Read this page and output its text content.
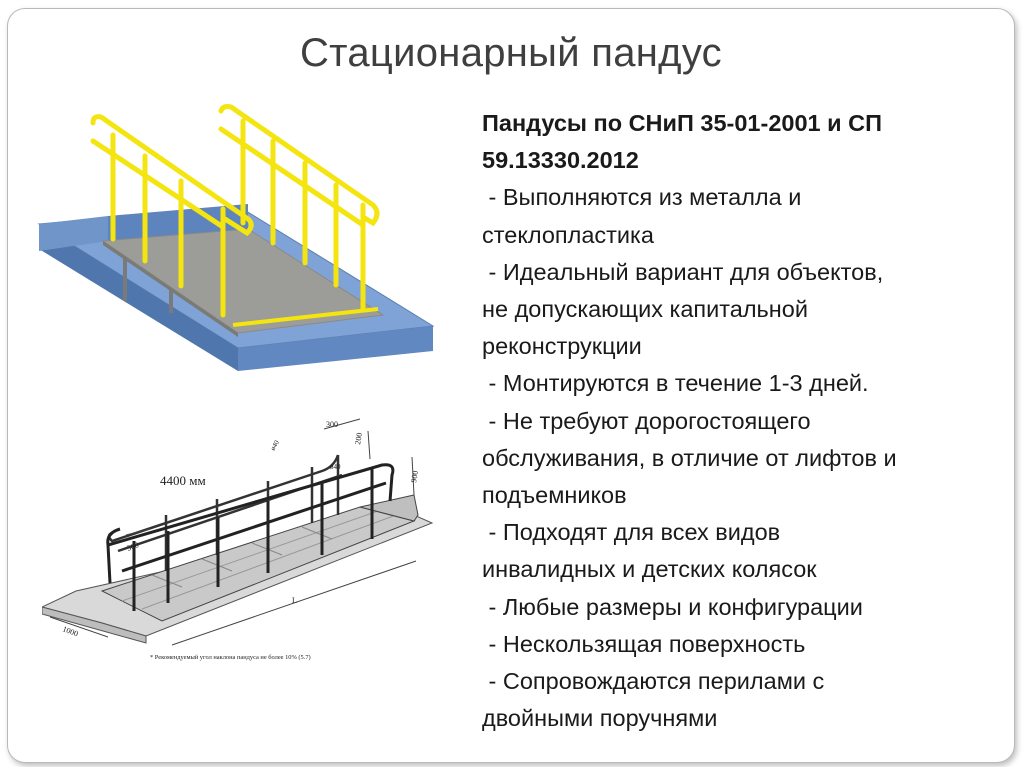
Стационарный пандус
4400 мм
300
200
900
ø40
ø40
300
1000
L
* Рекомендуемый угол наклона пандуса не более 10% (5.7)
Пандусы по СНиП 35-01-2001 и СП
59.13330.2012
- Выполняются из металла и
стеклопластика
- Идеальный вариант для объектов,
не допускающих капитальной
реконструкции
- Монтируются в течение 1-3 дней.
- Не требуют дорогостоящего
обслуживания, в отличие от лифтов и
подъемников
- Подходят для всех видов
инвалидных и детских колясок
- Любые размеры и конфигурации
- Нескользящая поверхность
- Сопровождаются перилами с
двойными поручнями
